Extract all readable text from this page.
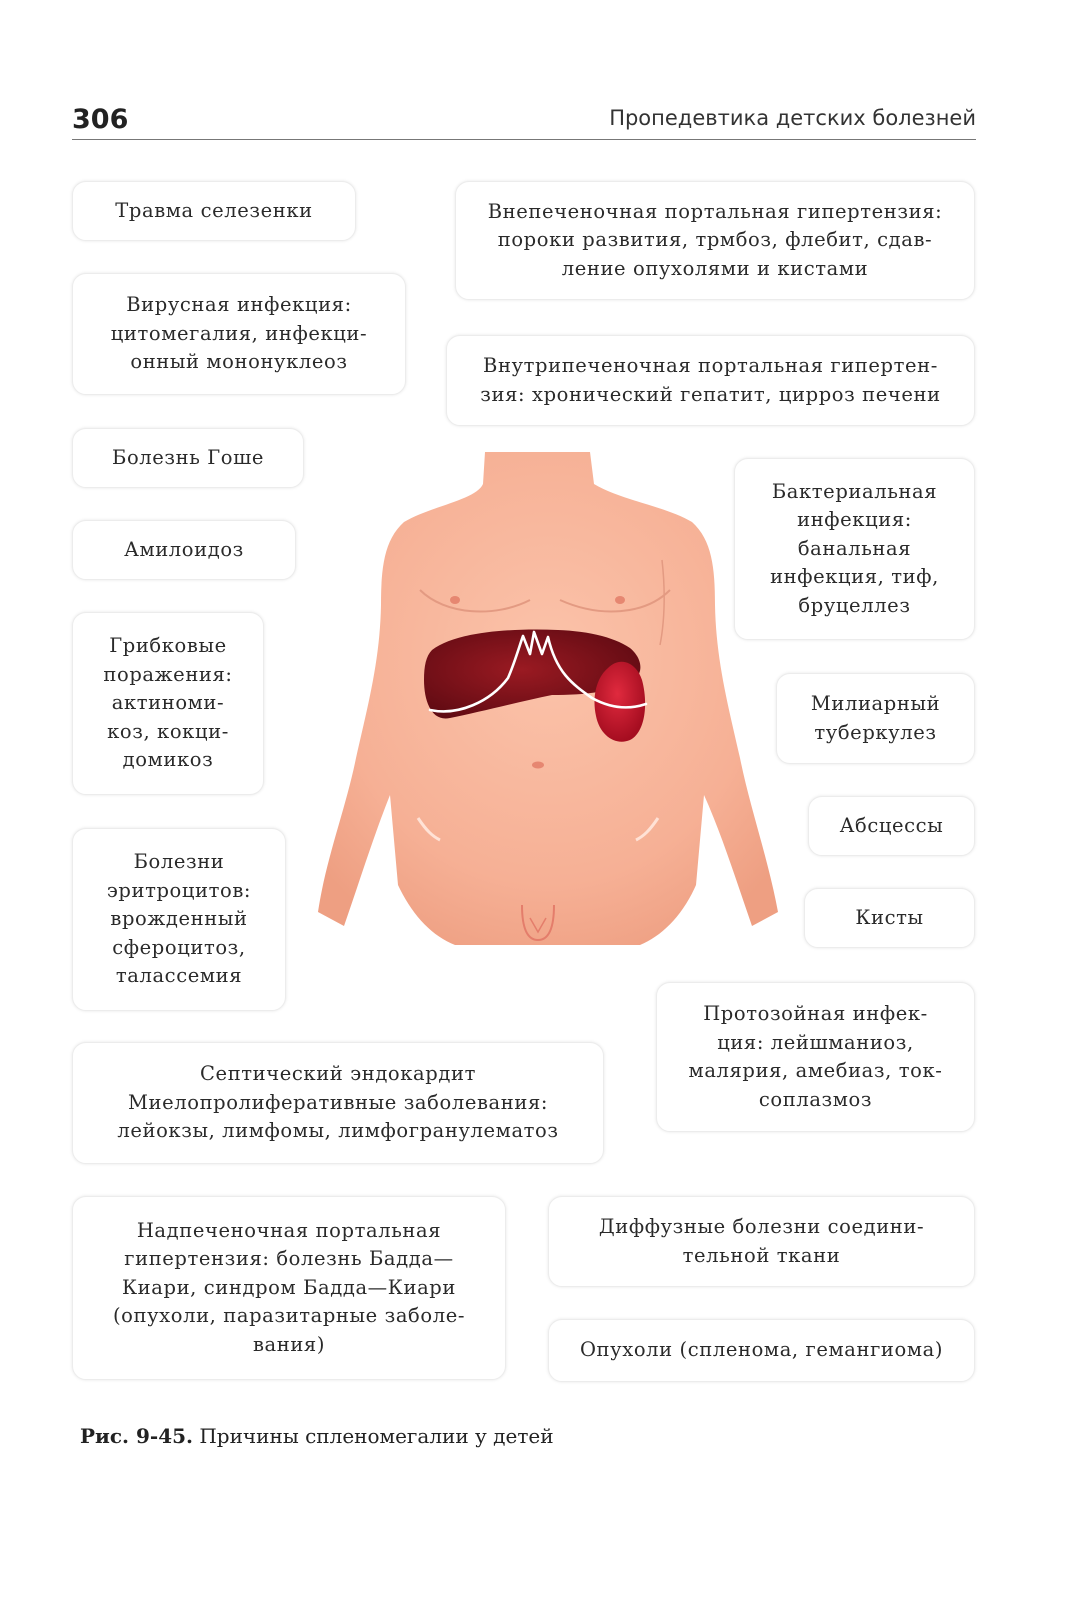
306	Пропедевтика детских болезней
Травма селезенки	Внепеченочная портальная гипертензия:
пороки развития, трмбоз, флебит, сдав-
ление опухолями и кистами
Вирусная инфекция:
цитомегалия, инфекци-
онный мононуклеоз	Внутрипеченочная портальная гипертен-
зия: хронический гепатит, цирроз печени
Болезнь Гоше
Бактериальная
инфекция:
банальная
инфекция, тиф,
бруцеллез
Амилоидоз
Грибковые
поражения:
актиноми-
коз, кокци-
домикоз
Милиарный
туберкулез
Абсцессы
Болезни
эритроцитов:
врожденный
сфероцитоз,
талассемия
Кисты
Протозойная инфек-
ция: лейшманиоз,
малярия, амебиаз, ток-
соплазмоз
Септический эндокардит
Миелопролиферативные заболевания:
лейокзы, лимфомы, лимфогранулематоз
Надпеченочная портальная
гипертензия: болезнь Бадда—
Киари, синдром Бадда—Киари
(опухоли, паразитарные заболе-
вания)
Диффузные болезни соедини-
тельной ткани
Опухоли (спленома, гемангиома)
Рис. 9-45. Причины спленомегалии у детей
